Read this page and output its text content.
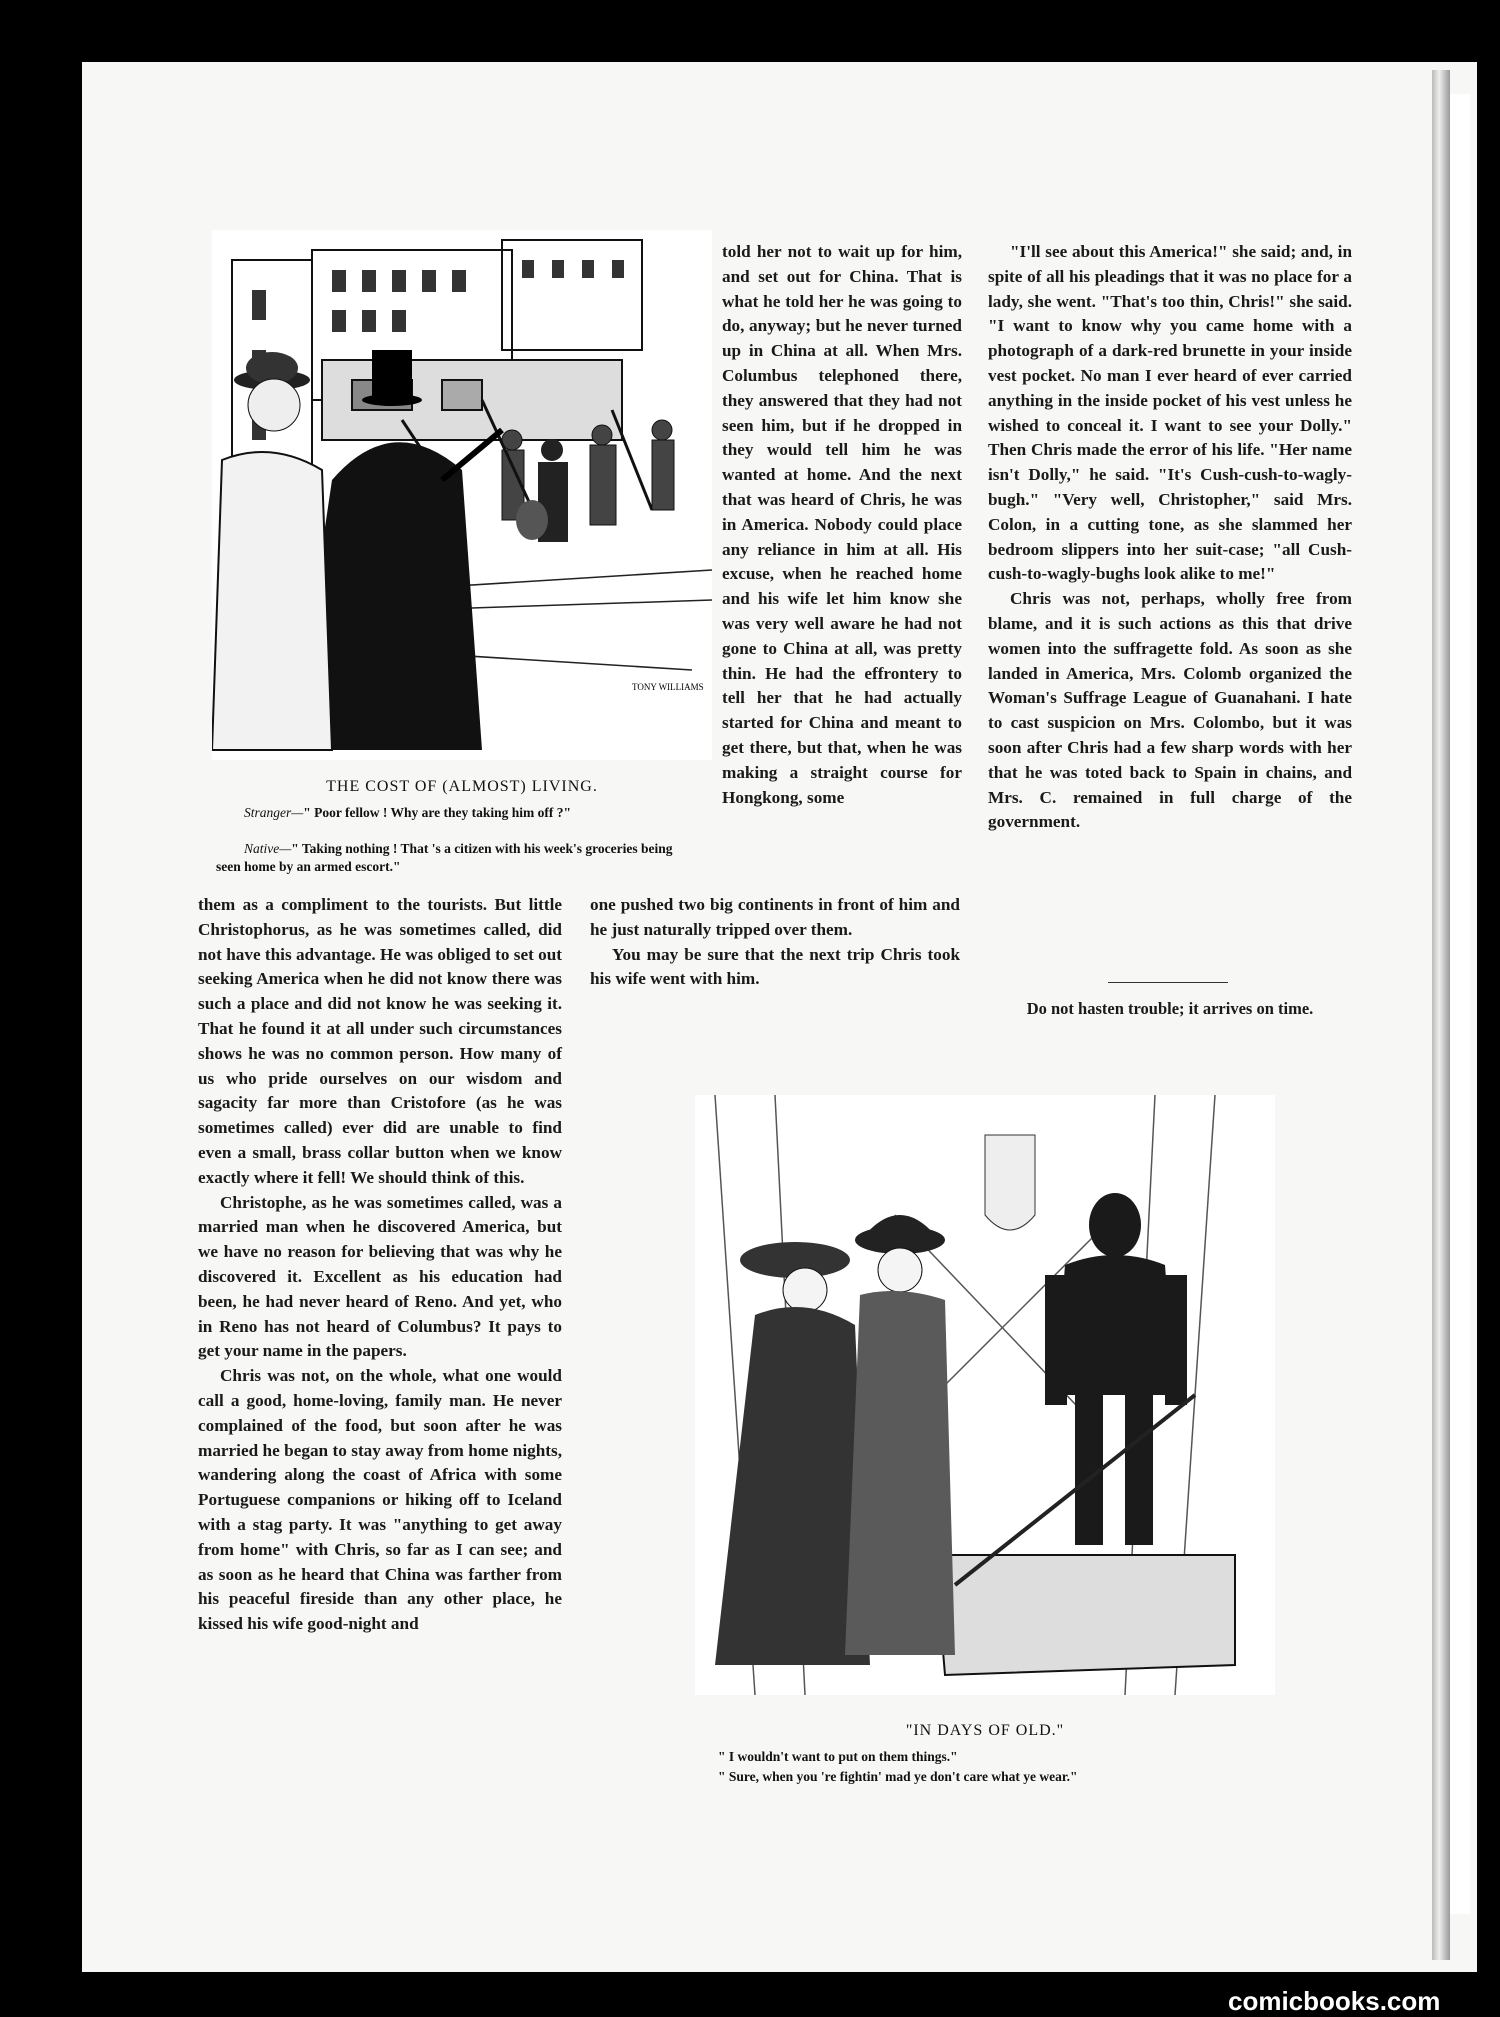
TONY WILLIAMS
THE COST OF (ALMOST) LIVING.
Stranger—" Poor fellow ! Why are they taking him off ?"
Native—" Taking nothing ! That 's a citizen with his week's groceries being seen home by an armed escort."

them as a compliment to the tourists. But little Christophorus, as he was sometimes called, did not have this advantage. He was obliged to set out seeking America when he did not know there was such a place and did not know he was seeking it. That he found it at all under such circumstances shows he was no common person. How many of us who pride ourselves on our wisdom and sagacity far more than Cristofore (as he was sometimes called) ever did are unable to find even a small, brass collar button when we know exactly where it fell! We should think of this.

Christophe, as he was sometimes called, was a married man when he discovered America, but we have no reason for believing that was why he discovered it. Excellent as his education had been, he had never heard of Reno. And yet, who in Reno has not heard of Columbus? It pays to get your name in the papers.

Chris was not, on the whole, what one would call a good, home-loving, family man. He never complained of the food, but soon after he was married he began to stay away from home nights, wandering along the coast of Africa with some Portuguese companions or hiking off to Iceland with a stag party. It was "anything to get away from home" with Chris, so far as I can see; and as soon as he heard that China was farther from his peaceful fireside than any other place, he kissed his wife good-night and

told her not to wait up for him, and set out for China. That is what he told her he was going to do, anyway; but he never turned up in China at all. When Mrs. Columbus telephoned there, they answered that they had not seen him, but if he dropped in they would tell him he was wanted at home. And the next that was heard of Chris, he was in America. Nobody could place any reliance in him at all. His excuse, when he reached home and his wife let him know she was very well aware he had not gone to China at all, was pretty thin. He had the effrontery to tell her that he had actually started for China and meant to get there, but that, when he was making a straight course for Hongkong, some

one pushed two big continents in front of him and he just naturally tripped over them.

You may be sure that the next trip Chris took his wife went with him.

"I'll see about this America!" she said; and, in spite of all his pleadings that it was no place for a lady, she went. "That's too thin, Chris!" she said. "I want to know why you came home with a photograph of a dark-red brunette in your inside vest pocket. No man I ever heard of ever carried anything in the inside pocket of his vest unless he wished to conceal it. I want to see your Dolly." Then Chris made the error of his life. "Her name isn't Dolly," he said. "It's Cush-cush-to-wagly-bugh." "Very well, Christopher," said Mrs. Colon, in a cutting tone, as she slammed her bedroom slippers into her suit-case; "all Cush-cush-to-wagly-bughs look alike to me!"

Chris was not, perhaps, wholly free from blame, and it is such actions as this that drive women into the suffragette fold. As soon as she landed in America, Mrs. Colomb organized the Woman's Suffrage League of Guanahani. I hate to cast suspicion on Mrs. Colombo, but it was soon after Chris had a few sharp words with her that he was toted back to Spain in chains, and Mrs. C. remained in full charge of the government.

Do not hasten trouble; it arrives on time.
"IN DAYS OF OLD."
" I wouldn't want to put on them things."
" Sure, when you 're fightin' mad ye don't care what ye wear."
comicbooks.com
